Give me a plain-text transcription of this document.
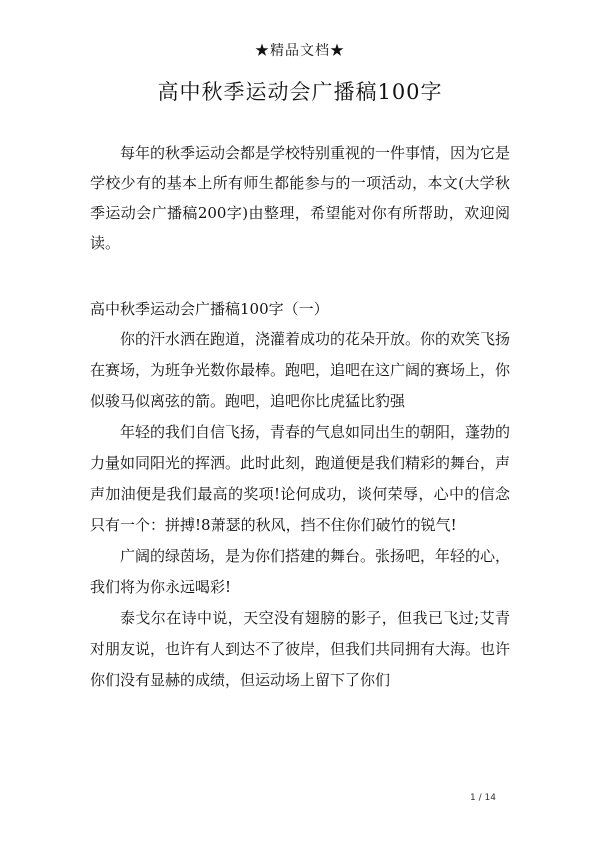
★精品文档★
高中秋季运动会广播稿100字
每年的秋季运动会都是学校特别重视的一件事情，因为它是学校少有的基本上所有师生都能参与的一项活动，本文(大学秋季运动会广播稿200字)由整理，希望能对你有所帮助，欢迎阅读。
高中秋季运动会广播稿100字（一）

你的汗水洒在跑道，浇灌着成功的花朵开放。你的欢笑飞扬在赛场，为班争光数你最棒。跑吧，追吧在这广阔的赛场上，你似骏马似离弦的箭。跑吧，追吧你比虎猛比豹强

年轻的我们自信飞扬，青春的气息如同出生的朝阳，蓬勃的力量如同阳光的挥洒。此时此刻，跑道便是我们精彩的舞台，声声加油便是我们最高的奖项!论何成功，谈何荣辱，心中的信念只有一个：拼搏!8萧瑟的秋风，挡不住你们破竹的锐气!

广阔的绿茵场，是为你们搭建的舞台。张扬吧，年轻的心，我们将为你永远喝彩!

泰戈尔在诗中说，天空没有翅膀的影子，但我已飞过;艾青对朋友说，也许有人到达不了彼岸，但我们共同拥有大海。也许你们没有显赫的成绩，但运动场上留下了你们

1 / 14
